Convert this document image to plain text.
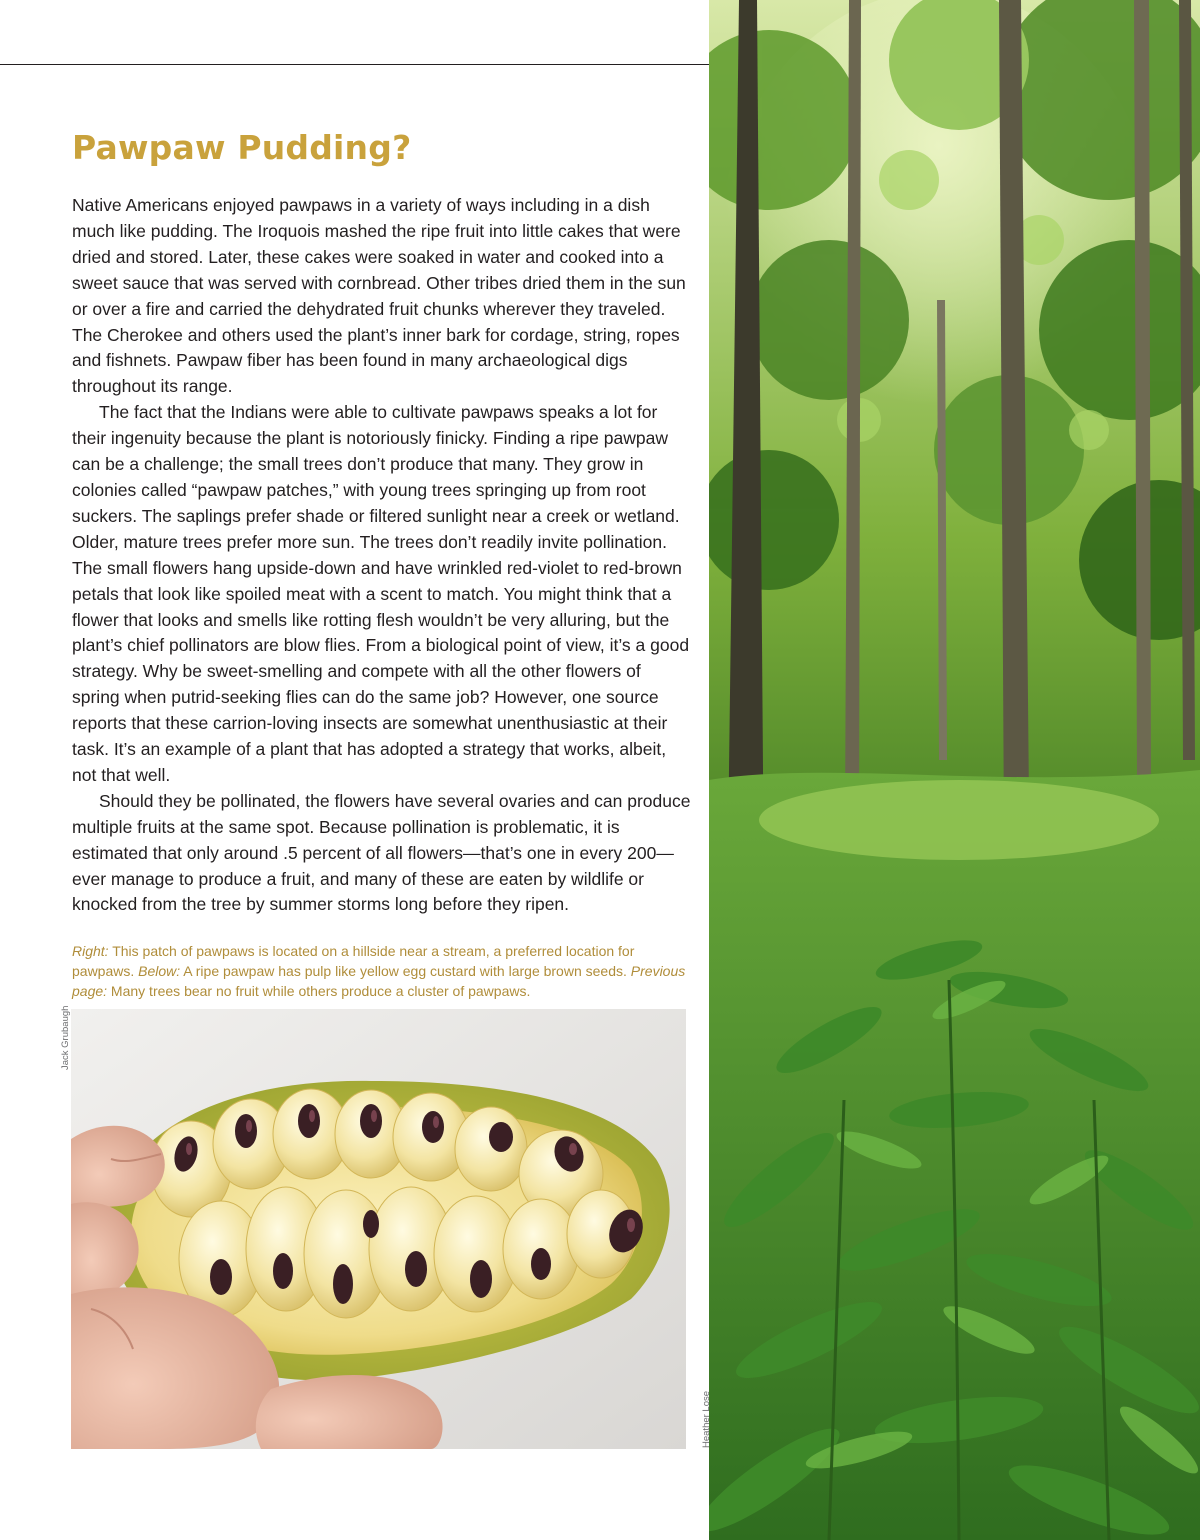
Pawpaw Pudding?

Native Americans enjoyed pawpaws in a variety of ways including in a dish much like pudding. The Iroquois mashed the ripe fruit into little cakes that were dried and stored. Later, these cakes were soaked in water and cooked into a sweet sauce that was served with cornbread. Other tribes dried them in the sun or over a fire and carried the dehydrated fruit chunks wherever they traveled. The Cherokee and others used the plant’s inner bark for cordage, string, ropes and fishnets. Pawpaw fiber has been found in many archaeological digs throughout its range.

The fact that the Indians were able to cultivate pawpaws speaks a lot for their ingenuity because the plant is notoriously finicky. Finding a ripe pawpaw can be a challenge; the small trees don’t produce that many. They grow in colonies called “pawpaw patches,” with young trees springing up from root suckers. The saplings prefer shade or filtered sunlight near a creek or wetland. Older, mature trees prefer more sun. The trees don’t readily invite pollination. The small flowers hang upside-down and have wrinkled red-violet to red-brown petals that look like spoiled meat with a scent to match. You might think that a flower that looks and smells like rotting flesh wouldn’t be very alluring, but the plant’s chief pollinators are blow flies. From a biological point of view, it’s a good strategy. Why be sweet-smelling and compete with all the other flowers of spring when putrid-seeking flies can do the same job? However, one source reports that these carrion-loving insects are somewhat unenthusiastic at their task. It’s an example of a plant that has adopted a strategy that works, albeit, not that well.

Should they be pollinated, the flowers have several ovaries and can produce multiple fruits at the same spot. Because pollination is problematic, it is estimated that only around .5 percent of all flowers—that’s one in every 200—ever manage to produce a fruit, and many of these are eaten by wildlife or knocked from the tree by summer storms long before they ripen.

Right: This patch of pawpaws is located on a hillside near a stream, a preferred location for pawpaws. Below: A ripe pawpaw has pulp like yellow egg custard with large brown seeds. Previous page: Many trees bear no fruit while others produce a cluster of pawpaws.
Jack Grubaugh
Heather Lose
